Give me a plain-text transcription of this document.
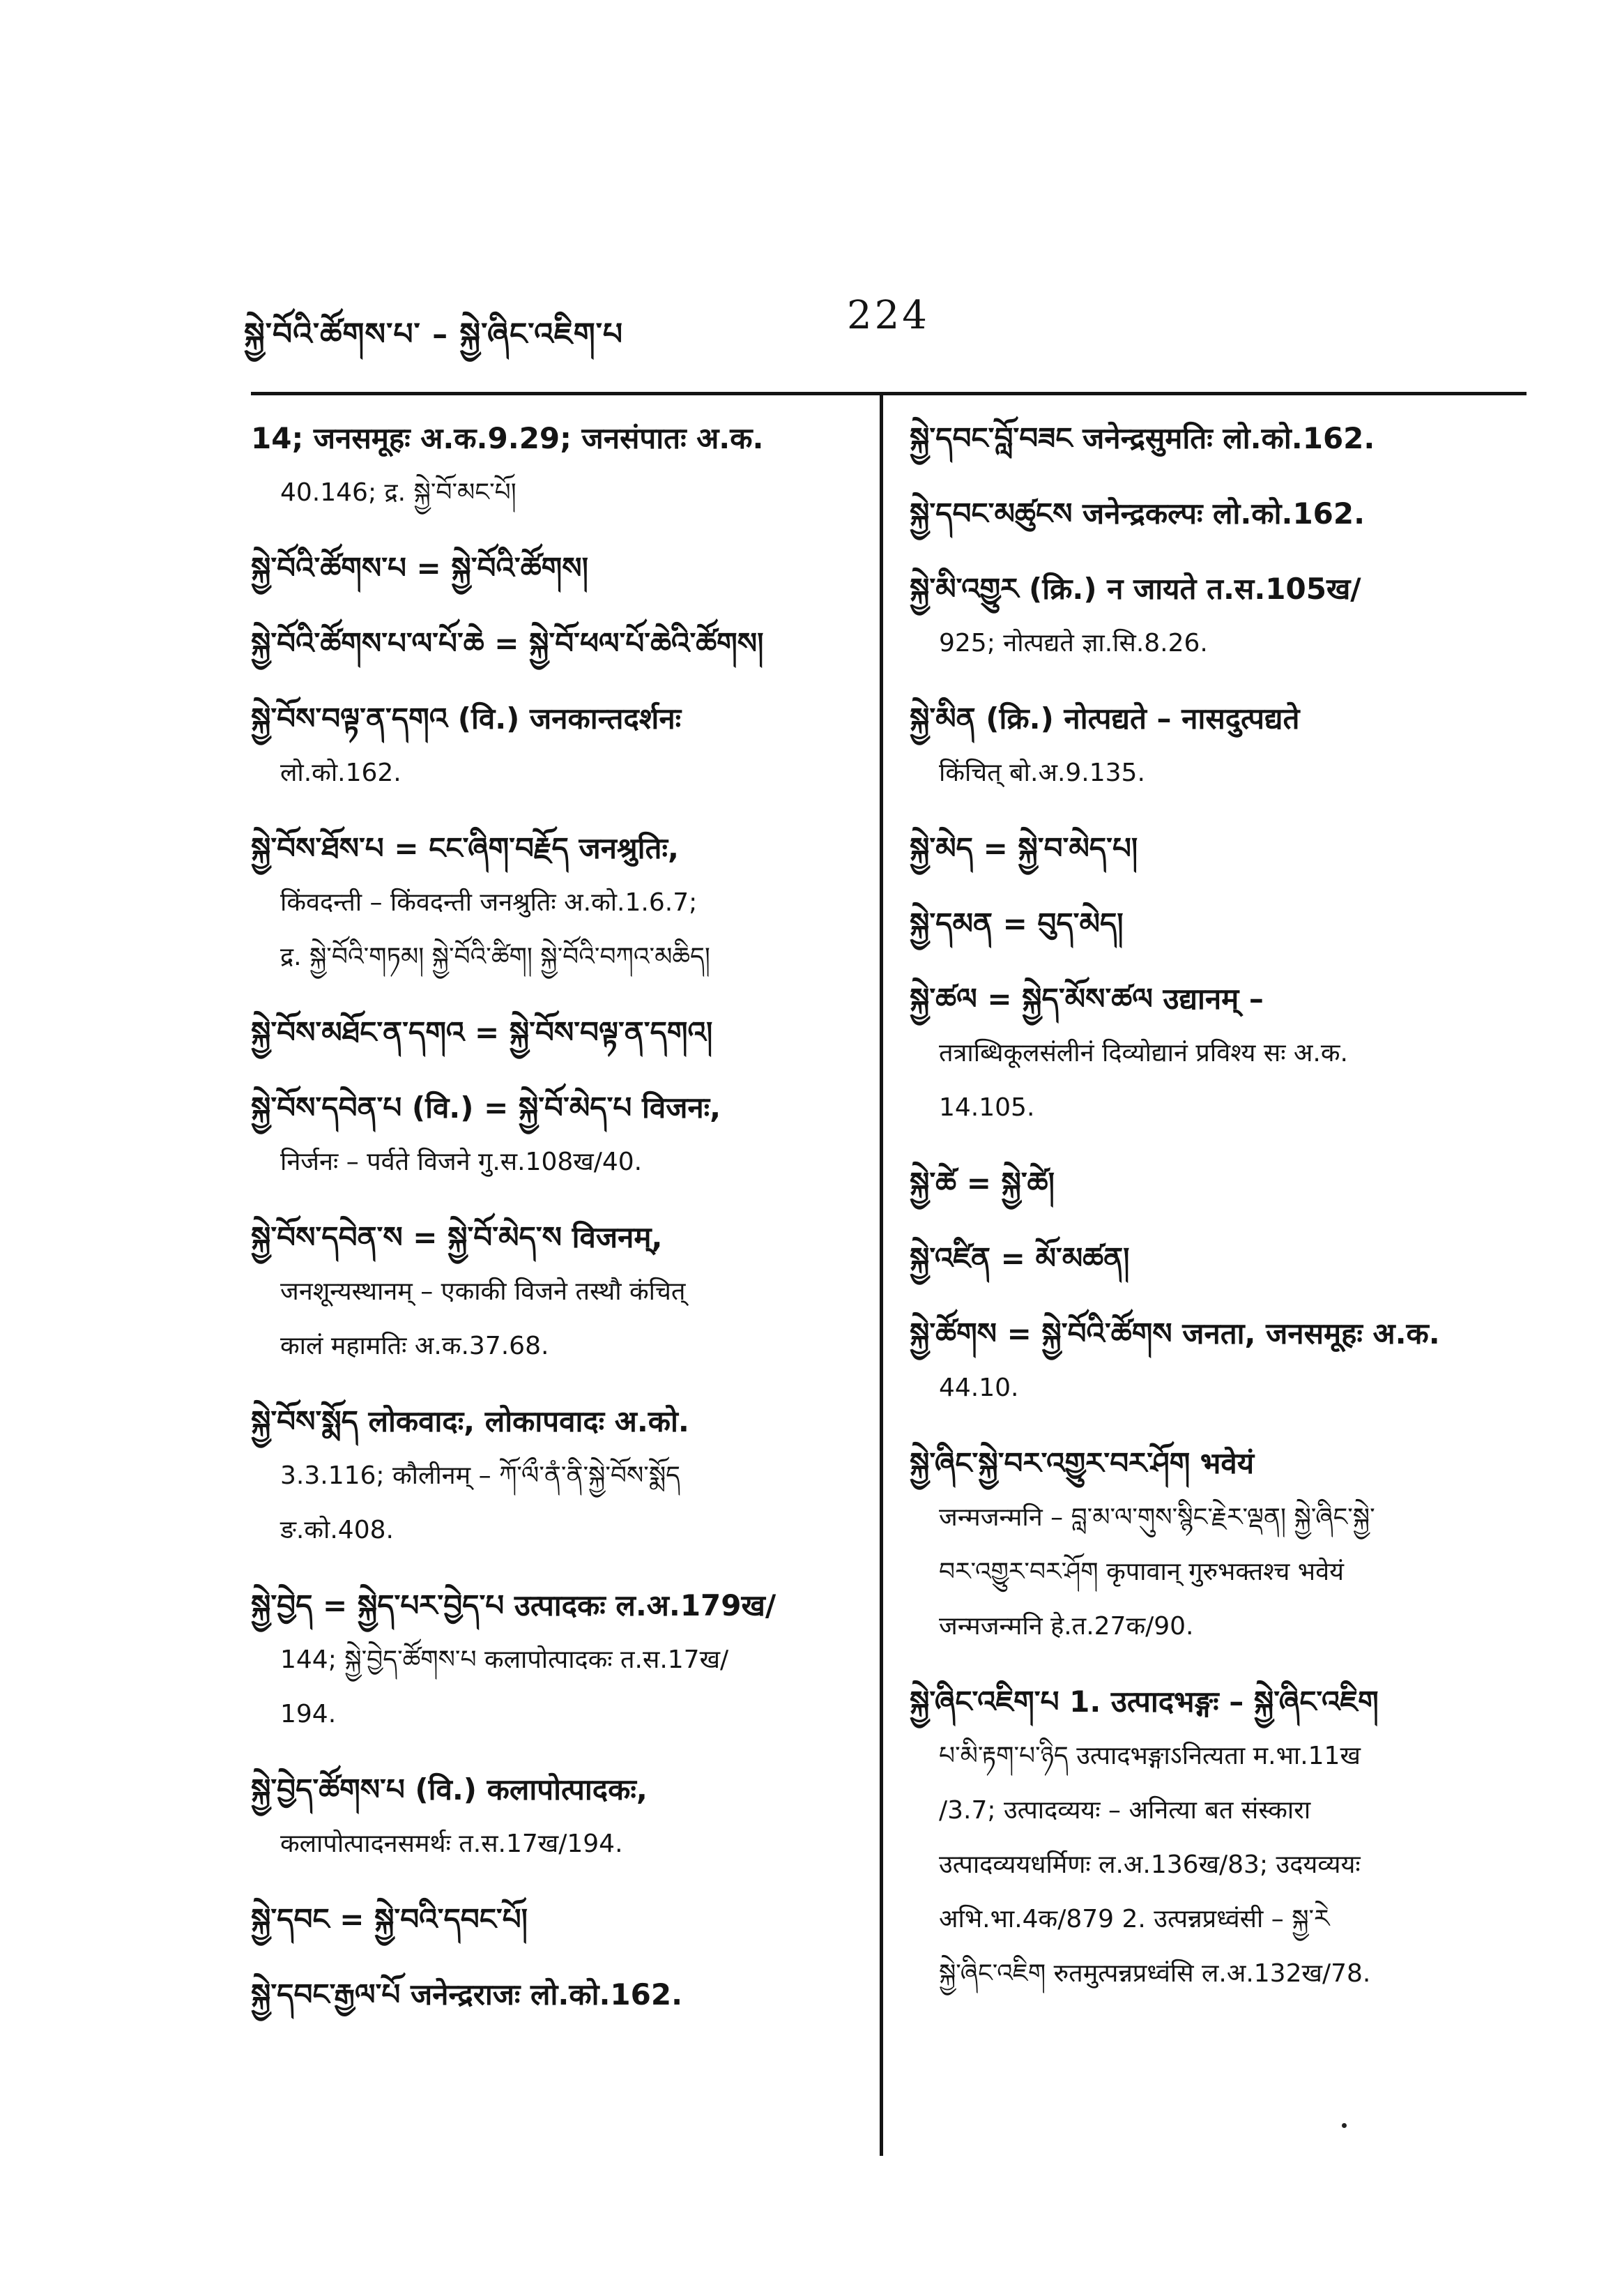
སྐྱེ་བོའི་ཚོགས་པ་ – སྐྱེ་ཞིང་འཇིག་པ	224
14; जनसमूहः अ.क.9.29; जनसंपातः अ.क.
40.146; द्र. སྐྱེ་བོ་མང་པོ།
སྐྱེ་བོའི་ཚོགས་པ = སྐྱེ་བོའི་ཚོགས།
སྐྱེ་བོའི་ཚོགས་པ་ལ་པོ་ཆེ = སྐྱེ་བོ་ཕལ་པོ་ཆེའི་ཚོགས།
སྐྱེ་བོས་བལྟ་ན་དགའ (वि.) जनकान्तदर्शनः
लो.को.162.
སྐྱེ་བོས་ཐོས་པ = ངང་ཞིག་བརྗོད जनश्रुतिः,
किंवदन्ती – किंवदन्ती जनश्रुतिः अ.को.1.6.7;
द्र. སྐྱེ་བོའི་གཏམ། སྐྱེ་བོའི་ཚིག། སྐྱེ་བོའི་བཀའ་མཆིད།
སྐྱེ་བོས་མཐོང་ན་དགའ = སྐྱེ་བོས་བལྟ་ན་དགའ།
སྐྱེ་བོས་དབེན་པ (वि.) = སྐྱེ་བོ་མེད་པ विजनः,
निर्जनः – पर्वते विजने गु.स.108ख/40.
སྐྱེ་བོས་དབེན་ས = སྐྱེ་བོ་མེད་ས विजनम्,
जनशून्यस्थानम् – एकाकी विजने तस्थौ कंचित्
कालं महामतिः अ.क.37.68.
སྐྱེ་བོས་སྨོད लोकवादः, लोकापवादः अ.को.
3.3.116; कौलीनम् – ཀོ་ལྀ་ནཾ་ནི་སྐྱེ་བོས་སྨོད
ङ.को.408.
སྐྱེ་བྱེད = སྐྱེད་པར་བྱེད་པ उत्पादकः ल.अ.179ख/
144; སྐྱེ་བྱེད་ཚོགས་པ कलापोत्पादकः त.स.17ख/
194.
སྐྱེ་བྱེད་ཚོགས་པ (वि.) कलापोत्पादकः,
कलापोत्पादनसमर्थः त.स.17ख/194.
སྐྱེ་དབང = སྐྱེ་བའི་དབང་པོ།
སྐྱེ་དབང་རྒྱལ་པོ जनेन्द्रराजः लो.को.162.
སྐྱེ་དབང་བློ་བཟང जनेन्द्रसुमतिः लो.को.162.
སྐྱེ་དབང་མཚུངས जनेन्द्रकल्पः लो.को.162.
སྐྱེ་མི་འགྱུར (क्रि.) न जायते त.स.105ख/
925; नोत्पद्यते ज्ञा.सि.8.26.
སྐྱེ་མིན (क्रि.) नोत्पद्यते – नासदुत्पद्यते
किंचित् बो.अ.9.135.
སྐྱེ་མེད = སྐྱེ་བ་མེད་པ།
སྐྱེ་དམན = བུད་མེད།
སྐྱེ་ཚལ = སྐྱེད་མོས་ཚལ उद्यानम् –
तत्राब्धिकूलसंलीनं दिव्योद्यानं प्रविश्य सः अ.क.
14.105.
སྐྱེ་ཚེ = སྐྱེ་ཚེ།
སྐྱེ་འཛིན = མོ་མཚན།
སྐྱེ་ཚོགས = སྐྱེ་བོའི་ཚོགས जनता, जनसमूहः अ.क.
44.10.
སྐྱེ་ཞིང་སྐྱེ་བར་འགྱུར་བར་ཤོག भवेयं
जन्मजन्मनि – བླ་མ་ལ་གུས་སྙིང་རྗེར་ལྡན། སྐྱེ་ཞིང་སྐྱེ་
བར་འགྱུར་བར་ཤོག कृपावान् गुरुभक्तश्च भवेयं
जन्मजन्मनि हे.त.27क/90.
སྐྱེ་ཞིང་འཇིག་པ 1. उत्पादभङ्गः – སྐྱེ་ཞིང་འཇིག
པ་མི་རྟག་པ་ཉིད उत्पादभङ्गाऽनित्यता म.भा.11ख
/3.7; उत्पादव्ययः – अनित्या बत संस्कारा
उत्पादव्ययधर्मिणः ल.अ.136ख/83; उदयव्ययः
अभि.भा.4क/879 2. उत्पन्नप्रध्वंसी – སྐྱ་རེ
སྐྱེ་ཞིང་འཇིག रुतमुत्पन्नप्रध्वंसि ल.अ.132ख/78.
